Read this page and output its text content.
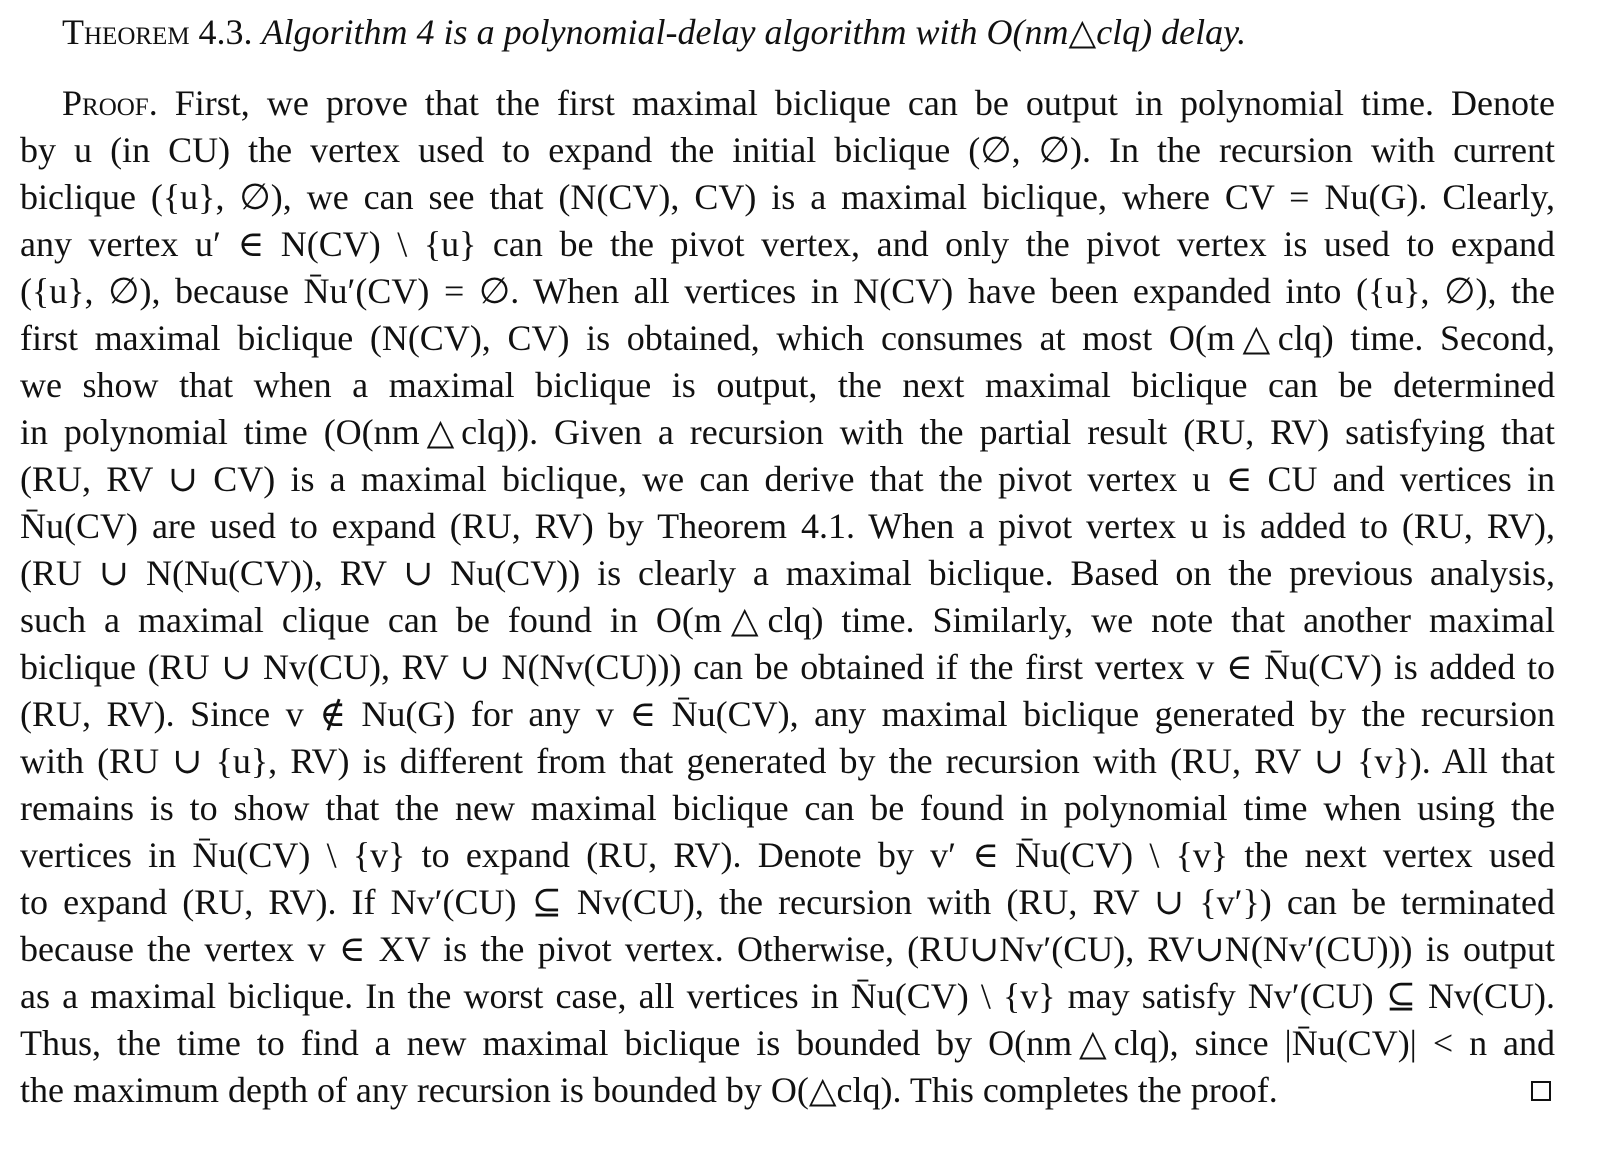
Theorem 4.3. Algorithm 4 is a polynomial-delay algorithm with O(nm△clq) delay.
Proof. First, we prove that the first maximal biclique can be output in polynomial time. Denote
by u (in CU) the vertex used to expand the initial biclique (∅, ∅). In the recursion with current
biclique ({u}, ∅), we can see that (N(CV), CV) is a maximal biclique, where CV = Nu(G). Clearly,
any vertex u′ ∈ N(CV) \ {u} can be the pivot vertex, and only the pivot vertex is used to expand
({u}, ∅), because N̄u′(CV) = ∅. When all vertices in N(CV) have been expanded into ({u}, ∅), the
first maximal biclique (N(CV), CV) is obtained, which consumes at most O(m△clq) time. Second,
we show that when a maximal biclique is output, the next maximal biclique can be determined
in polynomial time (O(nm△clq)). Given a recursion with the partial result (RU, RV) satisfying that
(RU, RV ∪ CV) is a maximal biclique, we can derive that the pivot vertex u ∈ CU and vertices in
N̄u(CV) are used to expand (RU, RV) by Theorem 4.1. When a pivot vertex u is added to (RU, RV),
(RU ∪ N(Nu(CV)), RV ∪ Nu(CV)) is clearly a maximal biclique. Based on the previous analysis,
such a maximal clique can be found in O(m△clq) time. Similarly, we note that another maximal
biclique (RU ∪ Nv(CU), RV ∪ N(Nv(CU))) can be obtained if the first vertex v ∈ N̄u(CV) is added to
(RU, RV). Since v ∉ Nu(G) for any v ∈ N̄u(CV), any maximal biclique generated by the recursion
with (RU ∪ {u}, RV) is different from that generated by the recursion with (RU, RV ∪ {v}). All that
remains is to show that the new maximal biclique can be found in polynomial time when using the
vertices in N̄u(CV) \ {v} to expand (RU, RV). Denote by v′ ∈ N̄u(CV) \ {v} the next vertex used
to expand (RU, RV). If Nv′(CU) ⊆ Nv(CU), the recursion with (RU, RV ∪ {v′}) can be terminated
because the vertex v ∈ XV is the pivot vertex. Otherwise, (RU∪Nv′(CU), RV∪N(Nv′(CU))) is output
as a maximal biclique. In the worst case, all vertices in N̄u(CV) \ {v} may satisfy Nv′(CU) ⊆ Nv(CU).
Thus, the time to find a new maximal biclique is bounded by O(nm△clq), since |N̄u(CV)| < n and
the maximum depth of any recursion is bounded by O(△clq). This completes the proof.
